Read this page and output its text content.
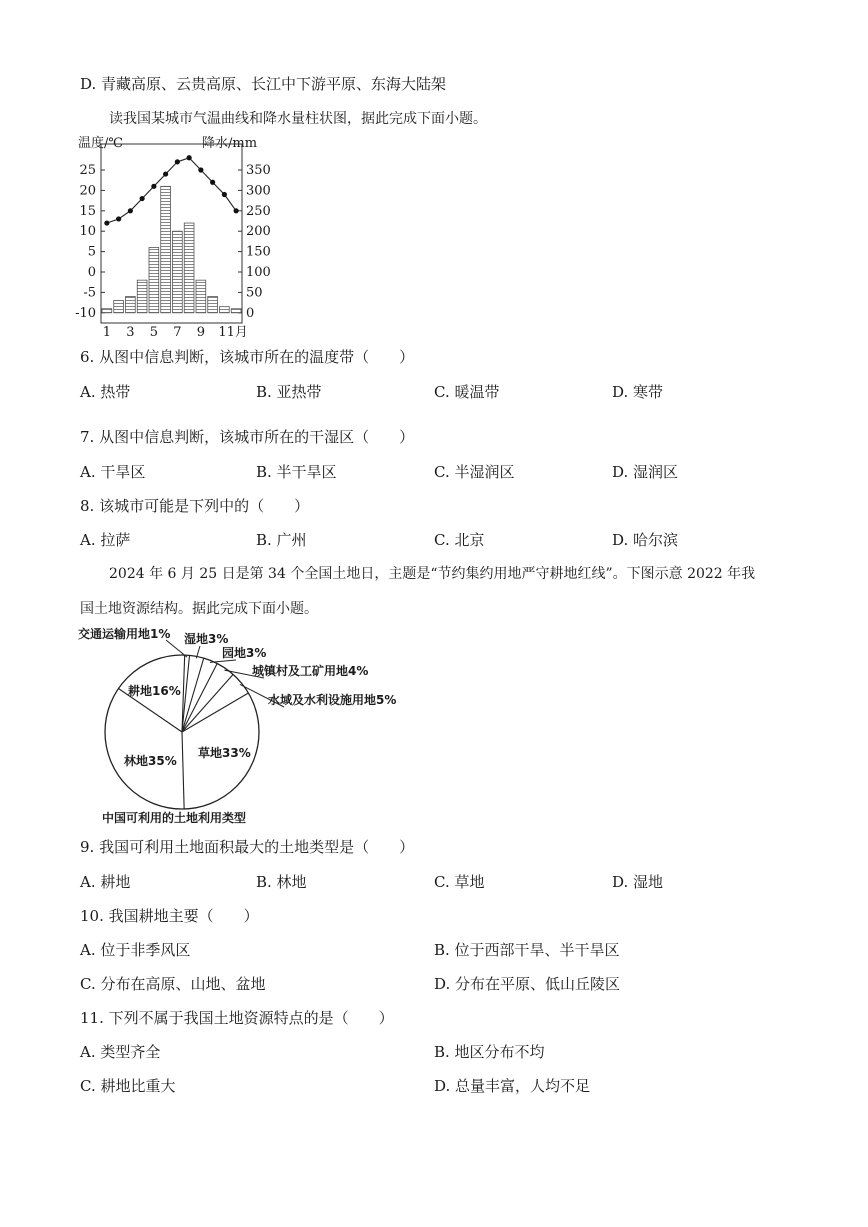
D. 青藏高原、云贵高原、长江中下游平原、东海大陆架
读我国某城市气温曲线和降水量柱状图，据此完成下面小题。
温度/℃	降水/mm
25
20
15
10
5
0
-5
-10
350
300
250
200
150
100
50
0
1 3 5 7 9 11月
6. 从图中信息判断，该城市所在的温度带（　　）
A. 热带	B. 亚热带	C. 暖温带	D. 寒带
7. 从图中信息判断，该城市所在的干湿区（　　）
A. 干旱区	B. 半干旱区	C. 半湿润区	D. 湿润区
8. 该城市可能是下列中的（　　）
A. 拉萨	B. 广州	C. 北京	D. 哈尔滨
2024 年 6 月 25 日是第 34 个全国土地日，主题是“节约集约用地严守耕地红线”。下图示意 2022 年我
国土地资源结构。据此完成下面小题。
交通运输用地1% 湿地3%
园地3%
城镇村及工矿用地4%
水域及水利设施用地5%
草地33%
林地35%
耕地16%
中国可利用的土地利用类型
9. 我国可利用土地面积最大的土地类型是（　　）
A. 耕地	B. 林地	C. 草地	D. 湿地
10. 我国耕地主要（　　）
A. 位于非季风区	B. 位于西部干旱、半干旱区
C. 分布在高原、山地、盆地	D. 分布在平原、低山丘陵区
11. 下列不属于我国土地资源特点的是（　　）
A. 类型齐全	B. 地区分布不均
C. 耕地比重大	D. 总量丰富，人均不足
